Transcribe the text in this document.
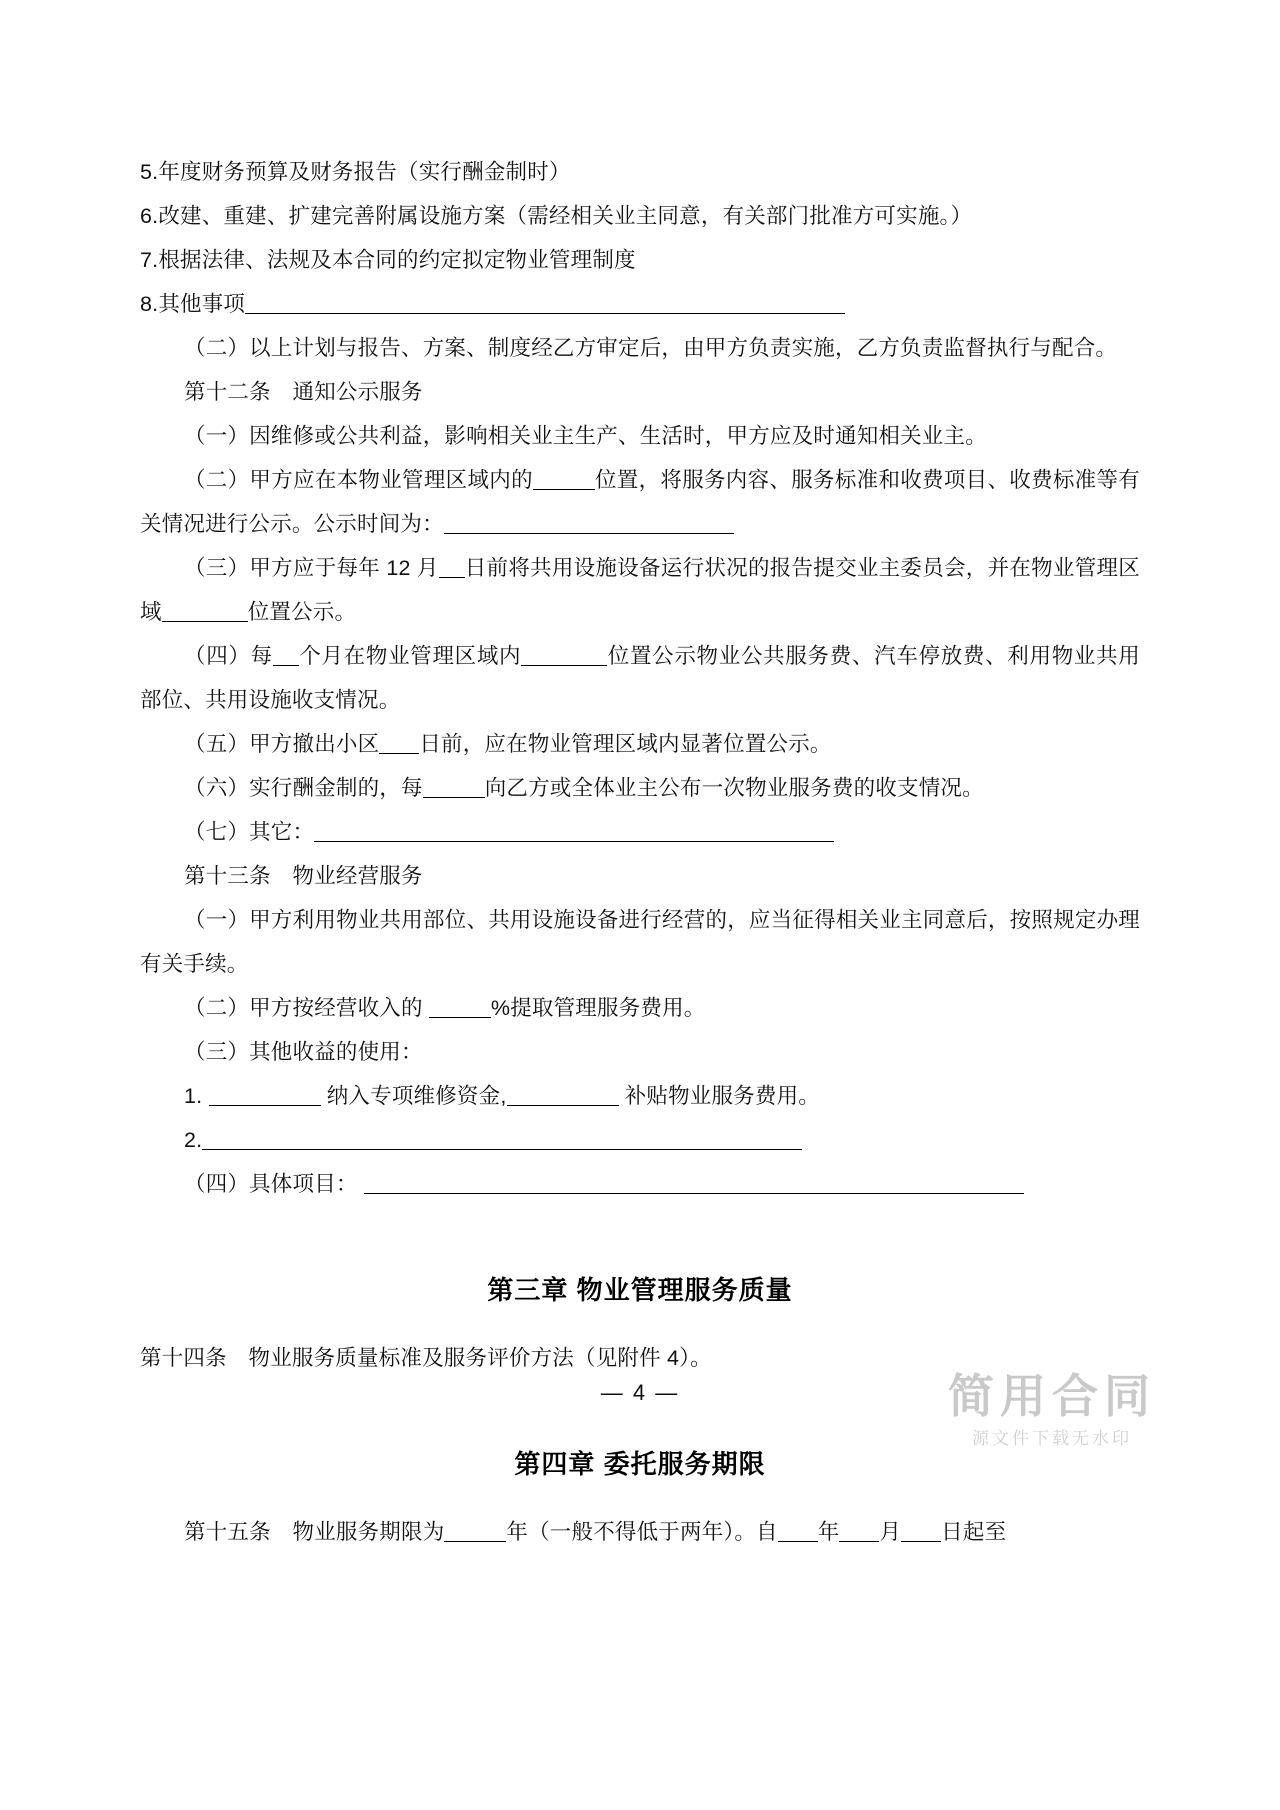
5.年度财务预算及财务报告（实行酬金制时）

6.改建、重建、扩建完善附属设施方案（需经相关业主同意，有关部门批准方可实施。）

7.根据法律、法规及本合同的约定拟定物业管理制度

8.其他事项

（二）以上计划与报告、方案、制度经乙方审定后，由甲方负责实施，乙方负责监督执行与配合。

第十二条　通知公示服务

（一）因维修或公共利益，影响相关业主生产、生活时，甲方应及时通知相关业主。

（二）甲方应在本物业管理区域内的	位置，将服务内容、服务标准和收费项目、收费标准等有关情况进行公示。公示时间为：

（三）甲方应于每年 12 月 日前将共用设施设备运行状况的报告提交业主委员会，并在物业管理区域	位置公示。

（四）每 个月在物业管理区域内	位置公示物业公共服务费、汽车停放费、利用物业共用部位、共用设施收支情况。

（五）甲方撤出小区 日前，应在物业管理区域内显著位置公示。

（六）实行酬金制的，每	向乙方或全体业主公布一次物业服务费的收支情况。

（七）其它：

第十三条　物业经营服务

（一）甲方利用物业共用部位、共用设施设备进行经营的，应当征得相关业主同意后，按照规定办理有关手续。

（二）甲方按经营收入的	%提取管理服务费用。

（三）其他收益的使用：

1.	纳入专项维修资金,	补贴物业服务费用。

2.

（四）具体项目：

第三章 物业管理服务质量

第十四条　物业服务质量标准及服务评价方法（见附件 4）。

第四章 委托服务期限

第十五条　物业服务期限为	年（一般不得低于两年）。自 年 月 日起至

— 4 —	简用合同
源文件下载无水印
